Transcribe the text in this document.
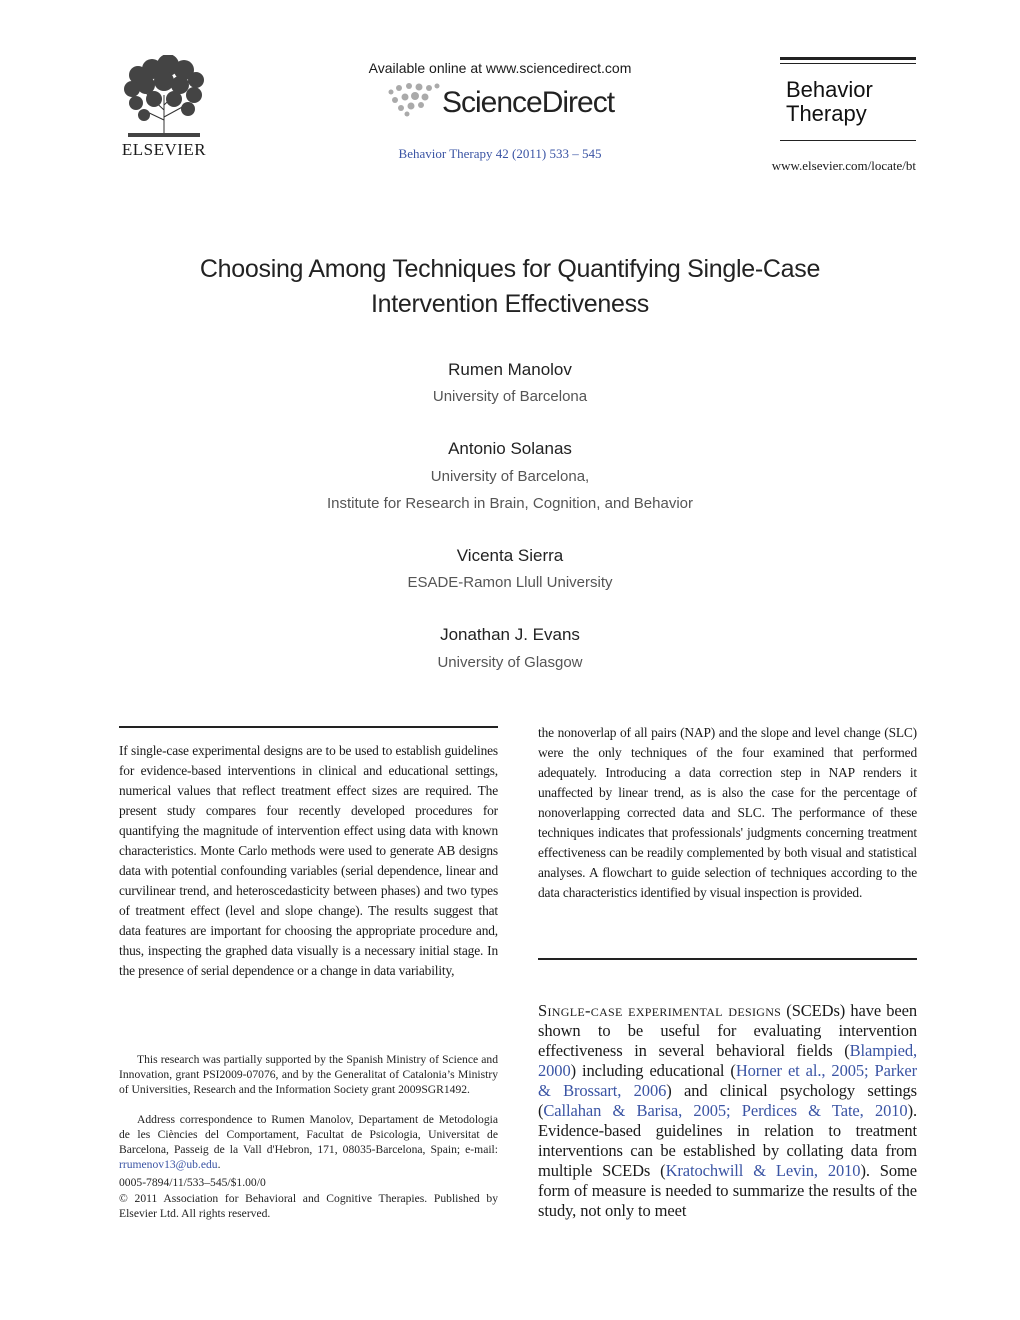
ELSEVIER
Available online at www.sciencedirect.com
ScienceDirect
Behavior Therapy 42 (2011) 533 – 545
Behavior
Therapy
www.elsevier.com/locate/bt
Choosing Among Techniques for Quantifying Single-Case
Intervention Effectiveness
Rumen Manolov
University of Barcelona
Antonio Solanas
University of Barcelona,
Institute for Research in Brain, Cognition, and Behavior
Vicenta Sierra
ESADE-Ramon Llull University
Jonathan J. Evans
University of Glasgow
If single-case experimental designs are to be used to establish guidelines for evidence-based interventions in clinical and educational settings, numerical values that reflect treatment effect sizes are required. The present study compares four recently developed procedures for quantifying the magnitude of intervention effect using data with known characteristics. Monte Carlo methods were used to generate AB designs data with potential confounding variables (serial dependence, linear and curvilinear trend, and heteroscedasticity between phases) and two types of treatment effect (level and slope change). The results suggest that data features are important for choosing the appropriate procedure and, thus, inspecting the graphed data visually is a necessary initial stage. In the presence of serial dependence or a change in data variability,
the nonoverlap of all pairs (NAP) and the slope and level change (SLC) were the only techniques of the four examined that performed adequately. Introducing a data correction step in NAP renders it unaffected by linear trend, as is also the case for the percentage of nonoverlapping corrected data and SLC. The performance of these techniques indicates that professionals' judgments concerning treatment effectiveness can be readily complemented by both visual and statistical analyses. A flowchart to guide selection of techniques according to the data characteristics identified by visual inspection is provided.
This research was partially supported by the Spanish Ministry of Science and Innovation, grant PSI2009-07076, and by the Generalitat of Catalonia’s Ministry of Universities, Research and the Information Society grant 2009SGR1492.
Address correspondence to Rumen Manolov, Departament de Metodologia de les Ciències del Comportament, Facultat de Psicologia, Universitat de Barcelona, Passeig de la Vall d'Hebron, 171, 08035-Barcelona, Spain; e-mail: rrumenov13@ub.edu.
0005-7894/11/533–545/$1.00/0
© 2011 Association for Behavioral and Cognitive Therapies. Published by Elsevier Ltd. All rights reserved.
Single-case experimental designs (SCEDs) have been shown to be useful for evaluating intervention effectiveness in several behavioral fields (Blampied, 2000) including educational (Horner et al., 2005; Parker & Brossart, 2006) and clinical psychology settings (Callahan & Barisa, 2005; Perdices & Tate, 2010). Evidence-based guidelines in relation to treatment interventions can be established by collating data from multiple SCEDs (Kratochwill & Levin, 2010). Some form of measure is needed to summarize the results of the study, not only to meet
